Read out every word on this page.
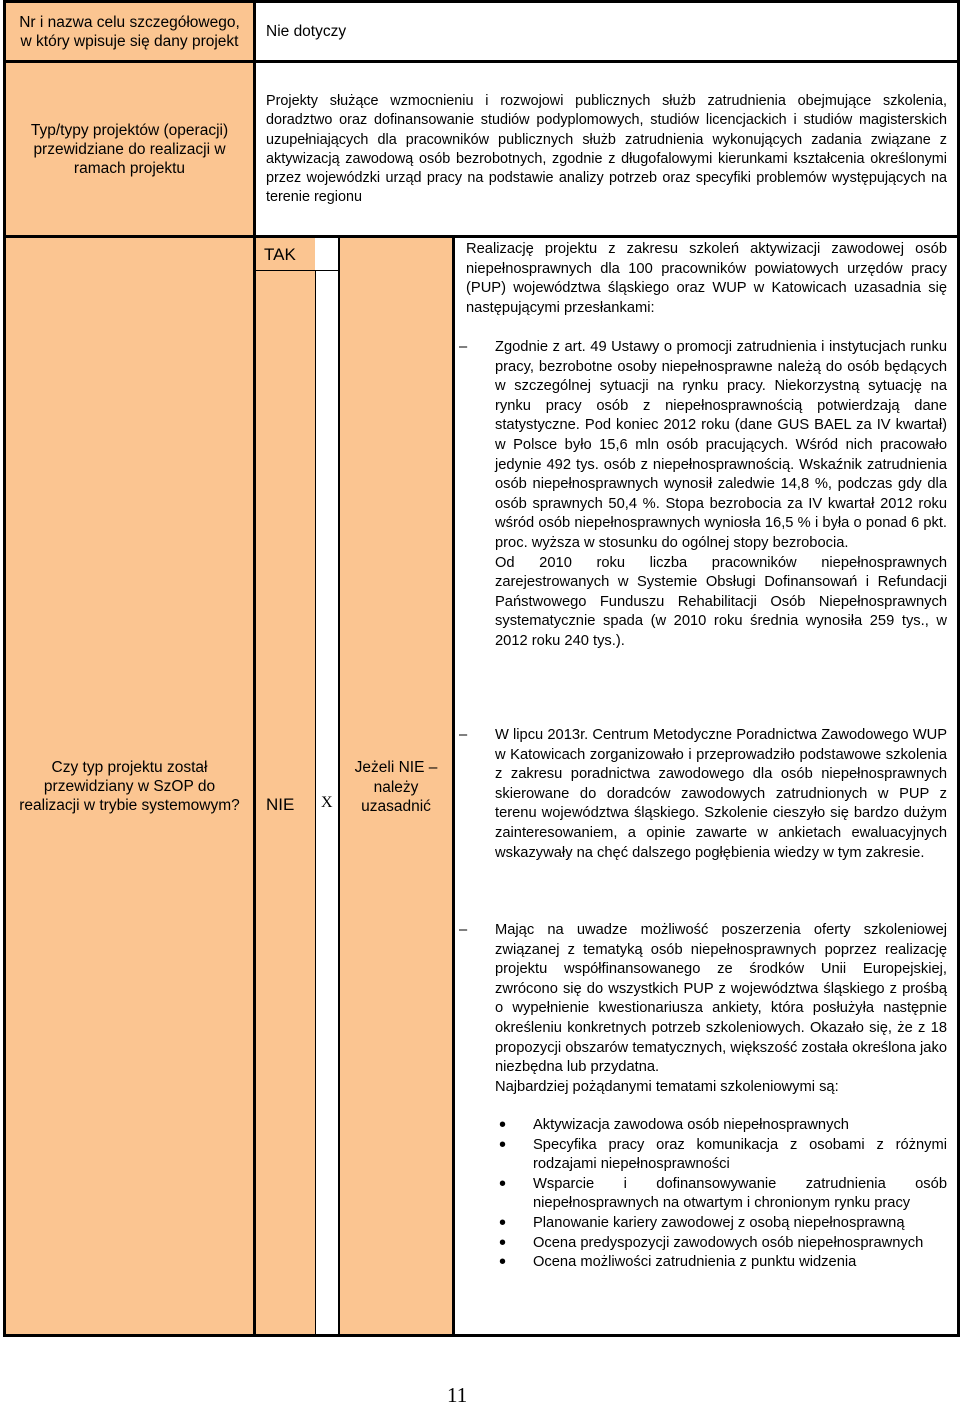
Nr i nazwa celu szczegółowego, w który wpisuje się dany projekt
Nie dotyczy
Typ/typy projektów (operacji) przewidziane do realizacji w ramach projektu
Projekty służące wzmocnieniu i rozwojowi publicznych służb zatrudnienia obejmujące szkolenia, doradztwo oraz dofinansowanie studiów podyplomowych, studiów licencjackich i studiów magisterskich uzupełniających dla pracowników publicznych służb zatrudnienia wykonujących zadania związane z aktywizacją zawodową osób bezrobotnych, zgodnie z długofalowymi kierunkami kształcenia określonymi przez wojewódzki urząd pracy na podstawie analizy potrzeb oraz specyfiki problemów występujących na terenie regionu
Czy typ projektu został przewidziany w SzOP do realizacji w trybie systemowym?
TAK
NIE X
Jeżeli NIE – należy uzasadnić
Realizację projektu z zakresu szkoleń aktywizacji zawodowej osób niepełnosprawnych dla 100 pracowników powiatowych urzędów pracy (PUP) województwa śląskiego oraz WUP w Katowicach uzasadnia się następującymi przesłankami:
– Zgodnie z art. 49 Ustawy o promocji zatrudnienia i instytucjach runku pracy, bezrobotne osoby niepełnosprawne należą do osób będących w szczególnej sytuacji na rynku pracy. Niekorzystną sytuację na rynku pracy osób z niepełnosprawnością potwierdzają dane statystyczne. Pod koniec 2012 roku (dane GUS BAEL za IV kwartał) w Polsce było 15,6 mln osób pracujących. Wśród nich pracowało jedynie 492 tys. osób z niepełnosprawnością. Wskaźnik zatrudnienia osób niepełnosprawnych wynosił zaledwie 14,8 %, podczas gdy dla osób sprawnych 50,4 %. Stopa bezrobocia za IV kwartał 2012 roku wśród osób niepełnosprawnych wyniosła 16,5 % i była o ponad 6 pkt. proc. wyższa w stosunku do ogólnej stopy bezrobocia.

Od 2010 roku liczba pracowników niepełnosprawnych zarejestrowanych w Systemie Obsługi Dofinansowań i Refundacji Państwowego Funduszu Rehabilitacji Osób Niepełnosprawnych systematycznie spada (w 2010 roku średnia wynosiła 259 tys., w 2012 roku 240 tys.).

– W lipcu 2013r. Centrum Metodyczne Poradnictwa Zawodowego WUP w Katowicach zorganizowało i przeprowadziło podstawowe szkolenia z zakresu poradnictwa zawodowego dla osób niepełnosprawnych skierowane do doradców zawodowych zatrudnionych w PUP z terenu województwa śląskiego. Szkolenie cieszyło się bardzo dużym zainteresowaniem, a opinie zawarte w ankietach ewaluacyjnych wskazywały na chęć dalszego pogłębienia wiedzy w tym zakresie.

– Mając na uwadze możliwość poszerzenia oferty szkoleniowej związanej z tematyką osób niepełnosprawnych poprzez realizację projektu współfinansowanego ze środków Unii Europejskiej, zwrócono się do wszystkich PUP z województwa śląskiego z prośbą o wypełnienie kwestionariusza ankiety, która posłużyła następnie określeniu konkretnych potrzeb szkoleniowych. Okazało się, że z 18 propozycji obszarów tematycznych, większość została określona jako niezbędna lub przydatna.

Najbardziej pożądanymi tematami szkoleniowymi są:

• Aktywizacja zawodowa osób niepełnosprawnych
• Specyfika pracy oraz komunikacja z osobami z różnymi rodzajami niepełnosprawności
• Wsparcie i dofinansowywanie zatrudnienia osób niepełnosprawnych na otwartym i chronionym rynku pracy
• Planowanie kariery zawodowej z osobą niepełnosprawną
• Ocena predyspozycji zawodowych osób niepełnosprawnych
• Ocena możliwości zatrudnienia z punktu widzenia
11
